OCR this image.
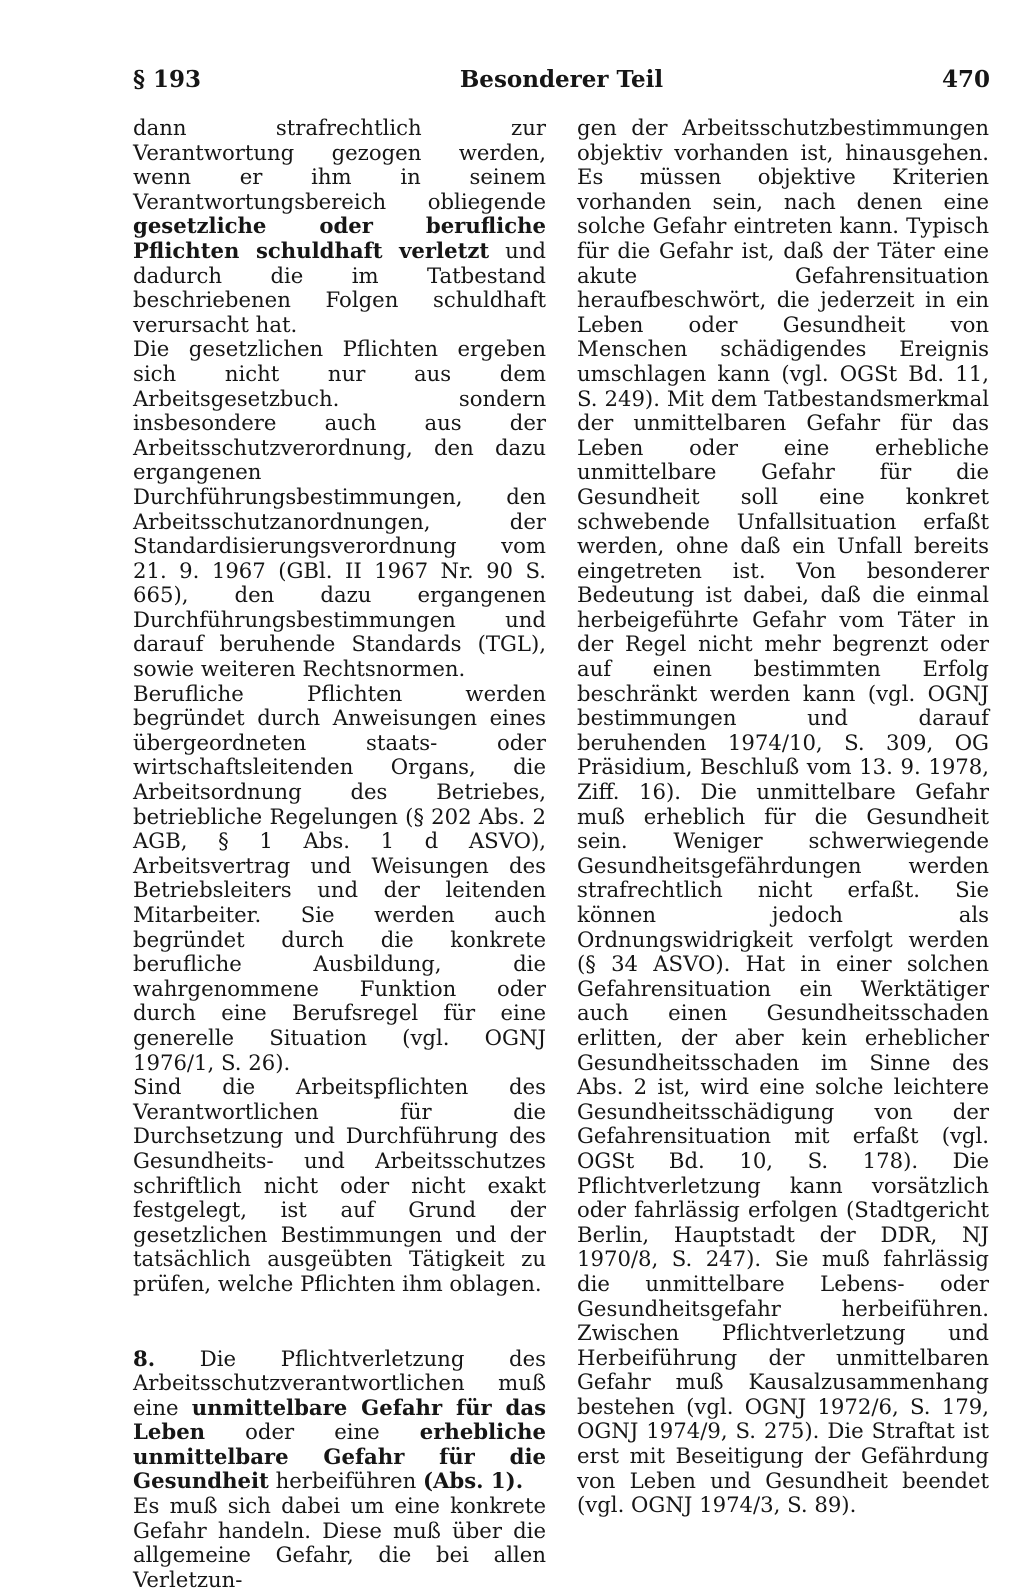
§ 193	Besonderer Teil	470

dann strafrechtlich zur Verantwortung gezogen werden, wenn er ihm in seinem Verantwortungsbereich obliegende gesetzliche oder berufliche Pflichten schuldhaft verletzt und dadurch die im Tatbestand beschriebenen Folgen schuldhaft verursacht hat.

Die gesetzlichen Pflichten ergeben sich nicht nur aus dem Arbeitsgesetzbuch. sondern insbesondere auch aus der Arbeitsschutzverordnung, den dazu ergangenen Durchführungsbestimmungen, den Arbeitsschutzanordnungen, der Standardisierungsverordnung vom 21. 9. 1967 (GBl. II 1967 Nr. 90 S. 665), den dazu ergangenen Durchführungsbestimmungen und darauf beruhende Standards (TGL), sowie weiteren Rechtsnormen.

Berufliche Pflichten werden begründet durch Anweisungen eines übergeordneten staats- oder wirtschaftsleitenden Organs, die Arbeitsordnung des Betriebes, betriebliche Regelungen (§ 202 Abs. 2 AGB, § 1 Abs. 1 d ASVO), Arbeitsvertrag und Weisungen des Betriebsleiters und der leitenden Mitarbeiter. Sie werden auch begründet durch die konkrete berufliche Ausbildung, die wahrgenommene Funktion oder durch eine Berufsregel für eine generelle Situation (vgl. OGNJ 1976/1, S. 26).

Sind die Arbeitspflichten des Verantwortlichen für die Durchsetzung und Durchführung des Gesundheits- und Arbeitsschutzes schriftlich nicht oder nicht exakt festgelegt, ist auf Grund der gesetzlichen Bestimmungen und der tatsächlich ausgeübten Tätigkeit zu prüfen, welche Pflichten ihm oblagen.

8. Die Pflichtverletzung des Arbeitsschutzverantwortlichen muß eine unmittelbare Gefahr für das Leben oder eine erhebliche unmittelbare Gefahr für die Gesundheit herbeiführen (Abs. 1).

Es muß sich dabei um eine konkrete Gefahr handeln. Diese muß über die allgemeine Gefahr, die bei allen Verletzun-

gen der Arbeitsschutzbestimmungen objektiv vorhanden ist, hinausgehen. Es müssen objektive Kriterien vorhanden sein, nach denen eine solche Gefahr eintreten kann. Typisch für die Gefahr ist, daß der Täter eine akute Gefahrensituation heraufbeschwört, die jederzeit in ein Leben oder Gesundheit von Menschen schädigendes Ereignis umschlagen kann (vgl. OGSt Bd. 11, S. 249). Mit dem Tatbestandsmerkmal der unmittelbaren Gefahr für das Leben oder eine erhebliche unmittelbare Gefahr für die Gesundheit soll eine konkret schwebende Unfallsituation erfaßt werden, ohne daß ein Unfall bereits eingetreten ist. Von besonderer Bedeutung ist dabei, daß die einmal herbeigeführte Gefahr vom Täter in der Regel nicht mehr begrenzt oder auf einen bestimmten Erfolg beschränkt werden kann (vgl. OGNJ bestimmungen und darauf beruhenden 1974/10, S. 309, OG Präsidium, Beschluß vom 13. 9. 1978, Ziff. 16). Die unmittelbare Gefahr muß erheblich für die Gesundheit sein. Weniger schwerwiegende Gesundheitsgefährdungen werden strafrechtlich nicht erfaßt. Sie können jedoch als Ordnungswidrigkeit verfolgt werden (§ 34 ASVO). Hat in einer solchen Gefahrensituation ein Werktätiger auch einen Gesundheitsschaden erlitten, der aber kein erheblicher Gesundheitsschaden im Sinne des Abs. 2 ist, wird eine solche leichtere Gesundheitsschädigung von der Gefahrensituation mit erfaßt (vgl. OGSt Bd. 10, S. 178). Die Pflichtverletzung kann vorsätzlich oder fahrlässig erfolgen (Stadtgericht Berlin, Hauptstadt der DDR, NJ 1970/8, S. 247). Sie muß fahrlässig die unmittelbare Lebens- oder Gesundheitsgefahr herbeiführen. Zwischen Pflichtverletzung und Herbeiführung der unmittelbaren Gefahr muß Kausalzusammenhang bestehen (vgl. OGNJ 1972/6, S. 179, OGNJ 1974/9, S. 275). Die Straftat ist erst mit Beseitigung der Gefährdung von Leben und Gesundheit beendet (vgl. OGNJ 1974/3, S. 89).
